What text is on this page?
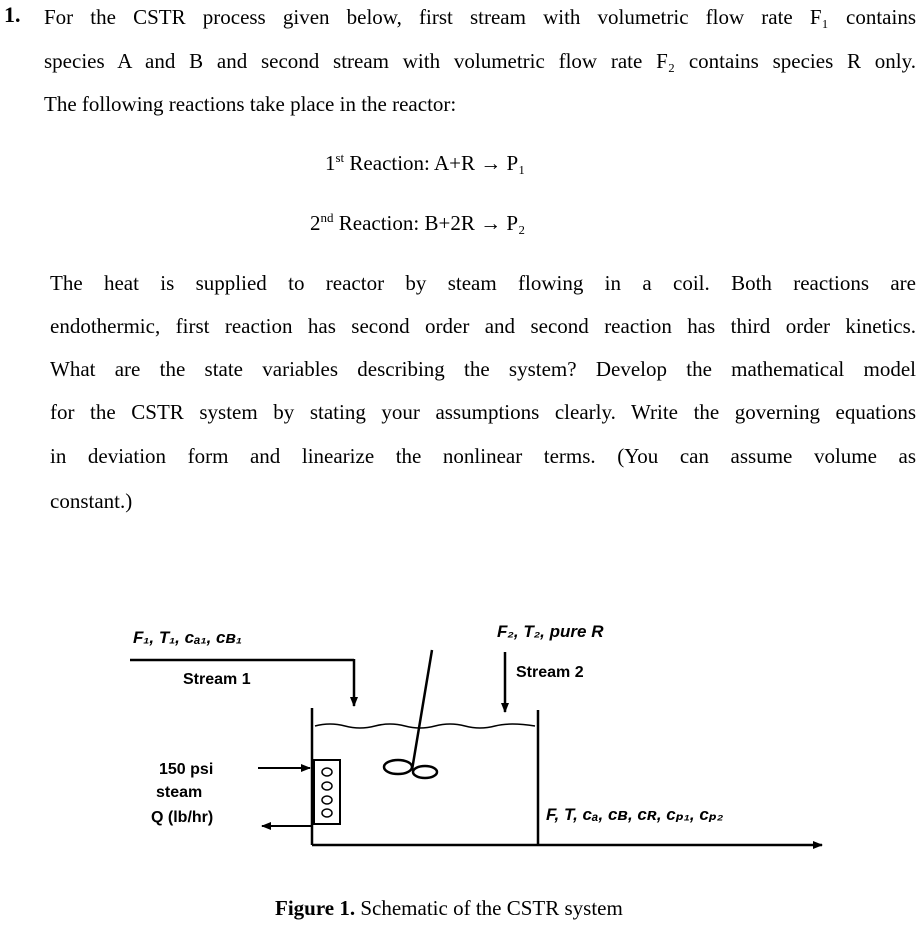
1. For the CSTR process given below, first stream with volumetric flow rate F₁ contains
species A and B and second stream with volumetric flow rate F₂ contains species R only.
The following reactions take place in the reactor:
1st Reaction: A+R → P₁
2nd Reaction: B+2R → P₂
The heat is supplied to reactor by steam flowing in a coil. Both reactions are
endothermic, first reaction has second order and second reaction has third order kinetics.
What are the state variables describing the system? Develop the mathematical model
for the CSTR system by stating your assumptions clearly. Write the governing equations
in deviation form and linearize the nonlinear terms. (You can assume volume as
constant.)
F₁, T₁, cₐ₁, cʙ₁
Stream 1
F₂, T₂, pure R
Stream 2
150 psi
steam
Q (lb/hr)	F, T, cₐ, cʙ, cʀ, cₚ₁, cₚ₂
Figure 1. Schematic of the CSTR system
